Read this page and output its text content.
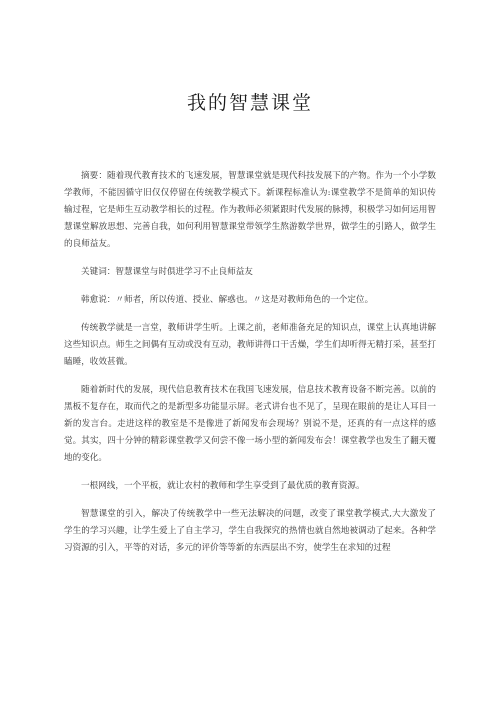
我的智慧课堂

摘要：随着现代教育技术的飞速发展，智慧课堂就是现代科技发展下的产物。作为一个小学数学教师，不能因循守旧仅仅停留在传统教学模式下。新课程标准认为:课堂教学不是简单的知识传输过程，它是师生互动教学相长的过程。作为教师必须紧跟时代发展的脉搏，积极学习如何运用智慧课堂解放思想、完善自我，如何利用智慧课堂带领学生熬游数学世界，做学生的引路人，做学生的良师益友。

关键词：智慧课堂与时俱进学习不止良师益友

韩愈说：〃师者，所以传道、授业、解惑也。〃这是对教师角色的一个定位。

传统教学就是一言堂，教师讲学生听。上课之前，老师准备充足的知识点，课堂上认真地讲解这些知识点。师生之间偶有互动或没有互动，教师讲得口干舌燥，学生们却听得无精打采，甚至打瞌睡，收效甚微。

随着新时代的发展，现代信息教育技术在我国飞速发展，信息技术教育设备不断完善。以前的黑板不复存在，取而代之的是新型多功能显示屏。老式讲台也不见了，呈现在眼前的是让人耳目一新的发言台。走进这样的教室是不是像进了新闻发布会现场？别说不是，还真的有一点这样的感觉。其实，四十分钟的精彩课堂教学又何尝不像一场小型的新闻发布会！课堂教学也发生了翻天覆地的变化。

一根网线，一个平板，就让农村的教师和学生享受到了最优质的教育资源。

智慧课堂的引入，解决了传统教学中一些无法解决的问题，改变了课堂教学模式,大大激发了学生的学习兴趣，让学生爱上了自主学习，学生自我探究的热情也就自然地被调动了起来。各种学习资源的引入，平等的对话，多元的评价等等新的东西层出不穷，使学生在求知的过程
